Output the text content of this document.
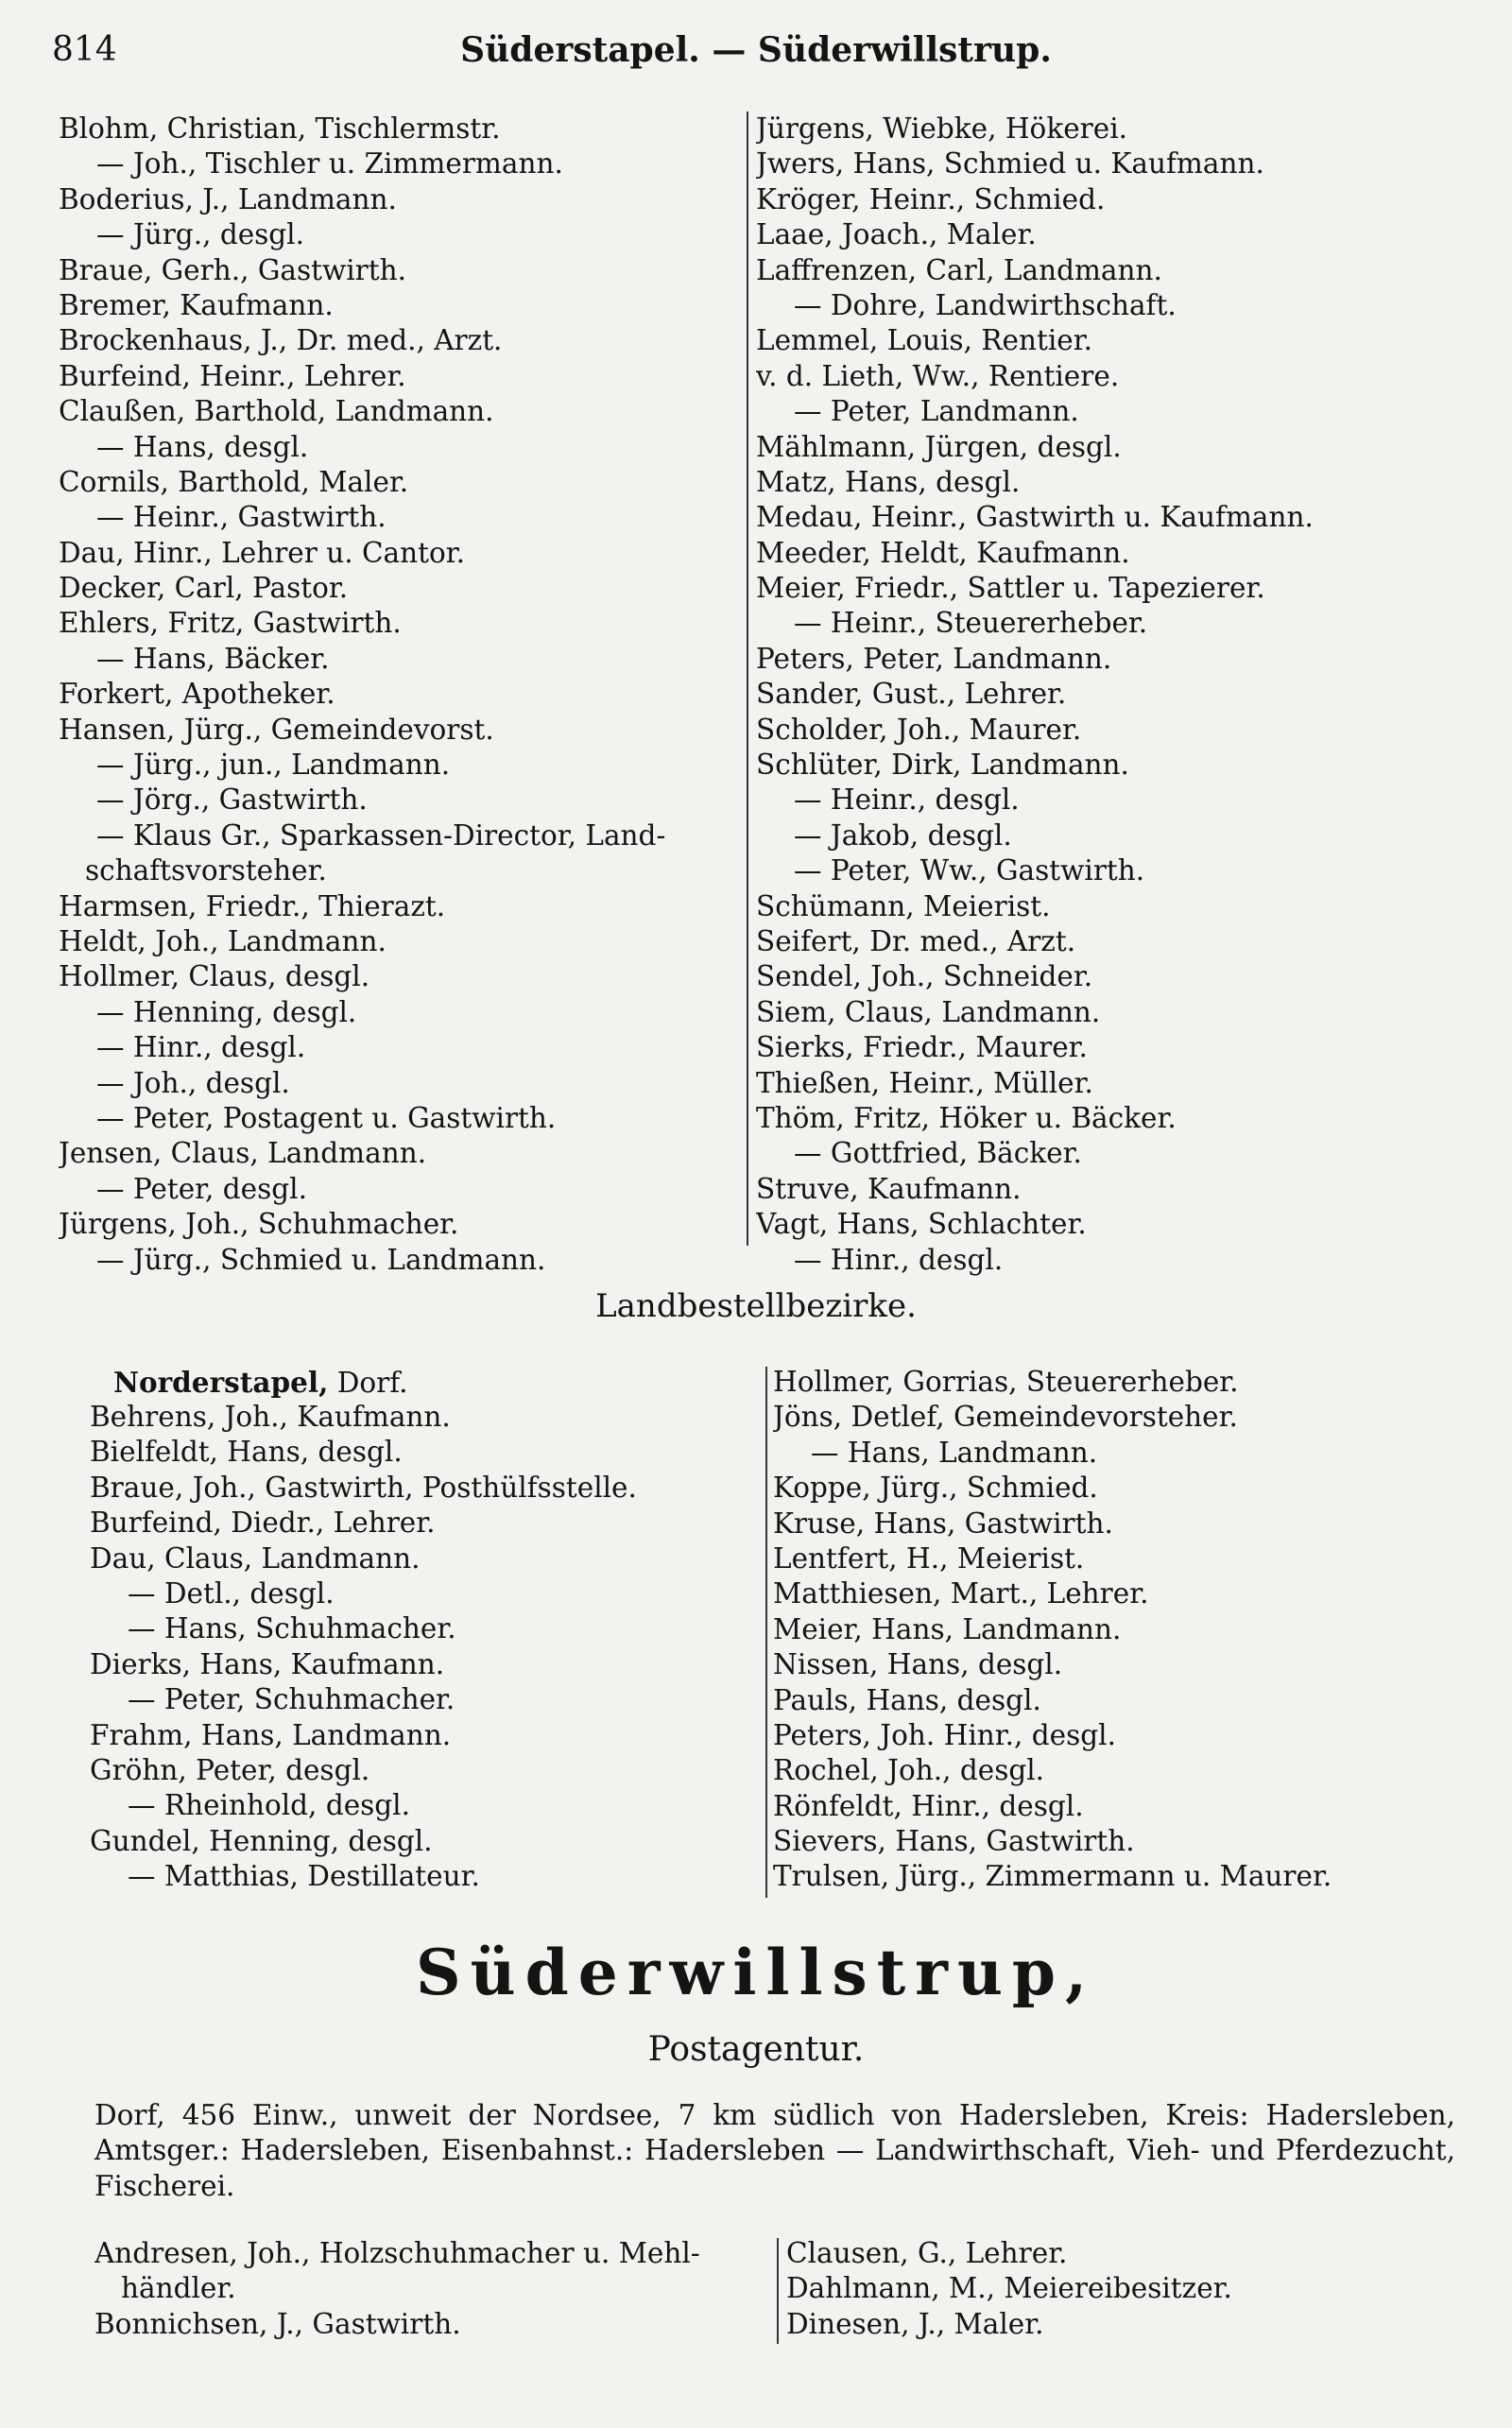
814	Süderstapel. — Süderwillstrup.
Blohm, Christian, Tischlermstr.
— Joh., Tischler u. Zimmermann.
Boderius, J., Landmann.
— Jürg., desgl.
Braue, Gerh., Gastwirth.
Bremer, Kaufmann.
Brockenhaus, J., Dr. med., Arzt.
Burfeind, Heinr., Lehrer.
Claußen, Barthold, Landmann.
— Hans, desgl.
Cornils, Barthold, Maler.
— Heinr., Gastwirth.
Dau, Hinr., Lehrer u. Cantor.
Decker, Carl, Pastor.
Ehlers, Fritz, Gastwirth.
— Hans, Bäcker.
Forkert, Apotheker.
Hansen, Jürg., Gemeindevorst.
— Jürg., jun., Landmann.
— Jörg., Gastwirth.
— Klaus Gr., Sparkassen-Director, Land-
schaftsvorsteher.
Harmsen, Friedr., Thierazt.
Heldt, Joh., Landmann.
Hollmer, Claus, desgl.
— Henning, desgl.
— Hinr., desgl.
— Joh., desgl.
— Peter, Postagent u. Gastwirth.
Jensen, Claus, Landmann.
— Peter, desgl.
Jürgens, Joh., Schuhmacher.
— Jürg., Schmied u. Landmann.
Jürgens, Wiebke, Hökerei.
Jwers, Hans, Schmied u. Kaufmann.
Kröger, Heinr., Schmied.
Laae, Joach., Maler.
Laffrenzen, Carl, Landmann.
— Dohre, Landwirthschaft.
Lemmel, Louis, Rentier.
v. d. Lieth, Ww., Rentiere.
— Peter, Landmann.
Mählmann, Jürgen, desgl.
Matz, Hans, desgl.
Medau, Heinr., Gastwirth u. Kaufmann.
Meeder, Heldt, Kaufmann.
Meier, Friedr., Sattler u. Tapezierer.
— Heinr., Steuererheber.
Peters, Peter, Landmann.
Sander, Gust., Lehrer.
Scholder, Joh., Maurer.
Schlüter, Dirk, Landmann.
— Heinr., desgl.
— Jakob, desgl.
— Peter, Ww., Gastwirth.
Schümann, Meierist.
Seifert, Dr. med., Arzt.
Sendel, Joh., Schneider.
Siem, Claus, Landmann.
Sierks, Friedr., Maurer.
Thießen, Heinr., Müller.
Thöm, Fritz, Höker u. Bäcker.
— Gottfried, Bäcker.
Struve, Kaufmann.
Vagt, Hans, Schlachter.
— Hinr., desgl.
Landbestellbezirke.
Norderstapel, Dorf.
Behrens, Joh., Kaufmann.
Bielfeldt, Hans, desgl.
Braue, Joh., Gastwirth, Posthülfsstelle.
Burfeind, Diedr., Lehrer.
Dau, Claus, Landmann.
— Detl., desgl.
— Hans, Schuhmacher.
Dierks, Hans, Kaufmann.
— Peter, Schuhmacher.
Frahm, Hans, Landmann.
Gröhn, Peter, desgl.
— Rheinhold, desgl.
Gundel, Henning, desgl.
— Matthias, Destillateur.
Hollmer, Gorrias, Steuererheber.
Jöns, Detlef, Gemeindevorsteher.
— Hans, Landmann.
Koppe, Jürg., Schmied.
Kruse, Hans, Gastwirth.
Lentfert, H., Meierist.
Matthiesen, Mart., Lehrer.
Meier, Hans, Landmann.
Nissen, Hans, desgl.
Pauls, Hans, desgl.
Peters, Joh. Hinr., desgl.
Rochel, Joh., desgl.
Rönfeldt, Hinr., desgl.
Sievers, Hans, Gastwirth.
Trulsen, Jürg., Zimmermann u. Maurer.
Süderwillstrup,
Postagentur.
Dorf, 456 Einw., unweit der Nordsee, 7 km südlich von Hadersleben, Kreis: Hadersleben, Amtsger.: Hadersleben, Eisenbahnst.: Hadersleben — Landwirthschaft, Vieh- und Pferdezucht, Fischerei.
Andresen, Joh., Holzschuhmacher u. Mehl-
händler.
Bonnichsen, J., Gastwirth.
Clausen, G., Lehrer.
Dahlmann, M., Meiereibesitzer.
Dinesen, J., Maler.
